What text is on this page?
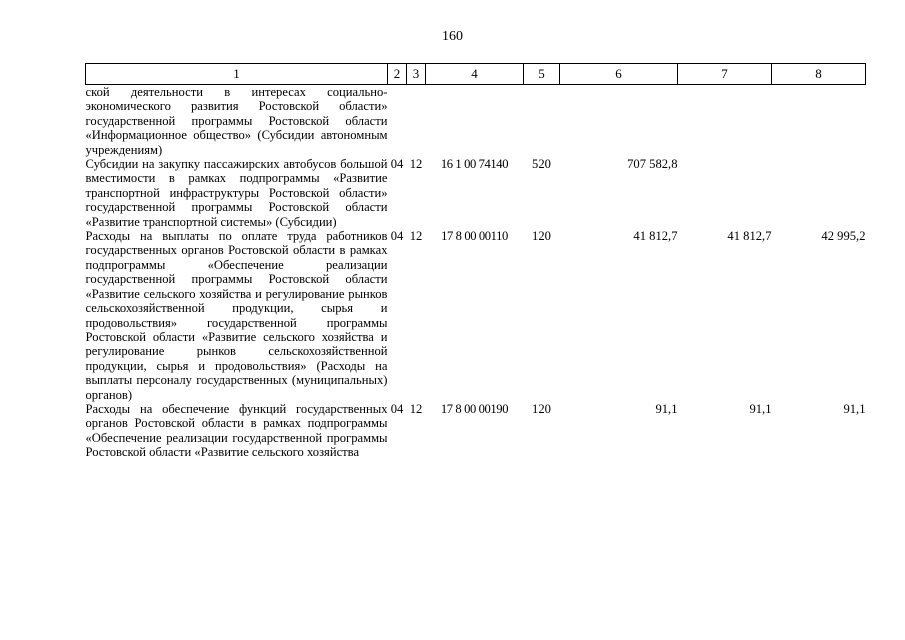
160
1	2	3	4	5	6	7	8
ской деятельности в интересах социально-экономического развития Ростовской области» государственной программы Ростовской области «Информационное общество» (Субсидии автономным учреждениям)							
Субсидии на закупку пассажирских автобусов большой вместимости в рамках подпрограммы «Развитие транспортной инфраструктуры Ростовской области» государственной программы Ростовской области «Развитие транспортной системы» (Субсидии)	04	12	16 1 00 74140	520	707 582,8		
Расходы на выплаты по оплате труда работников государственных органов Ростовской области в рамках подпрограммы «Обеспечение реализации государственной программы Ростовской области «Развитие сельского хозяйства и регулирование рынков сельскохозяйственной продукции, сырья и продовольствия» государственной программы Ростовской области «Развитие сельского хозяйства и регулирование рынков сельскохозяйственной продукции, сырья и продовольствия» (Расходы на выплаты персоналу государственных (муниципальных) органов)	04	12	17 8 00 00110	120	41 812,7	41 812,7	42 995,2
Расходы на обеспечение функций государственных органов Ростовской области в рамках подпрограммы «Обеспечение реализации государственной программы Ростовской области «Развитие сельского хозяйства	04	12	17 8 00 00190	120	91,1	91,1	91,1
